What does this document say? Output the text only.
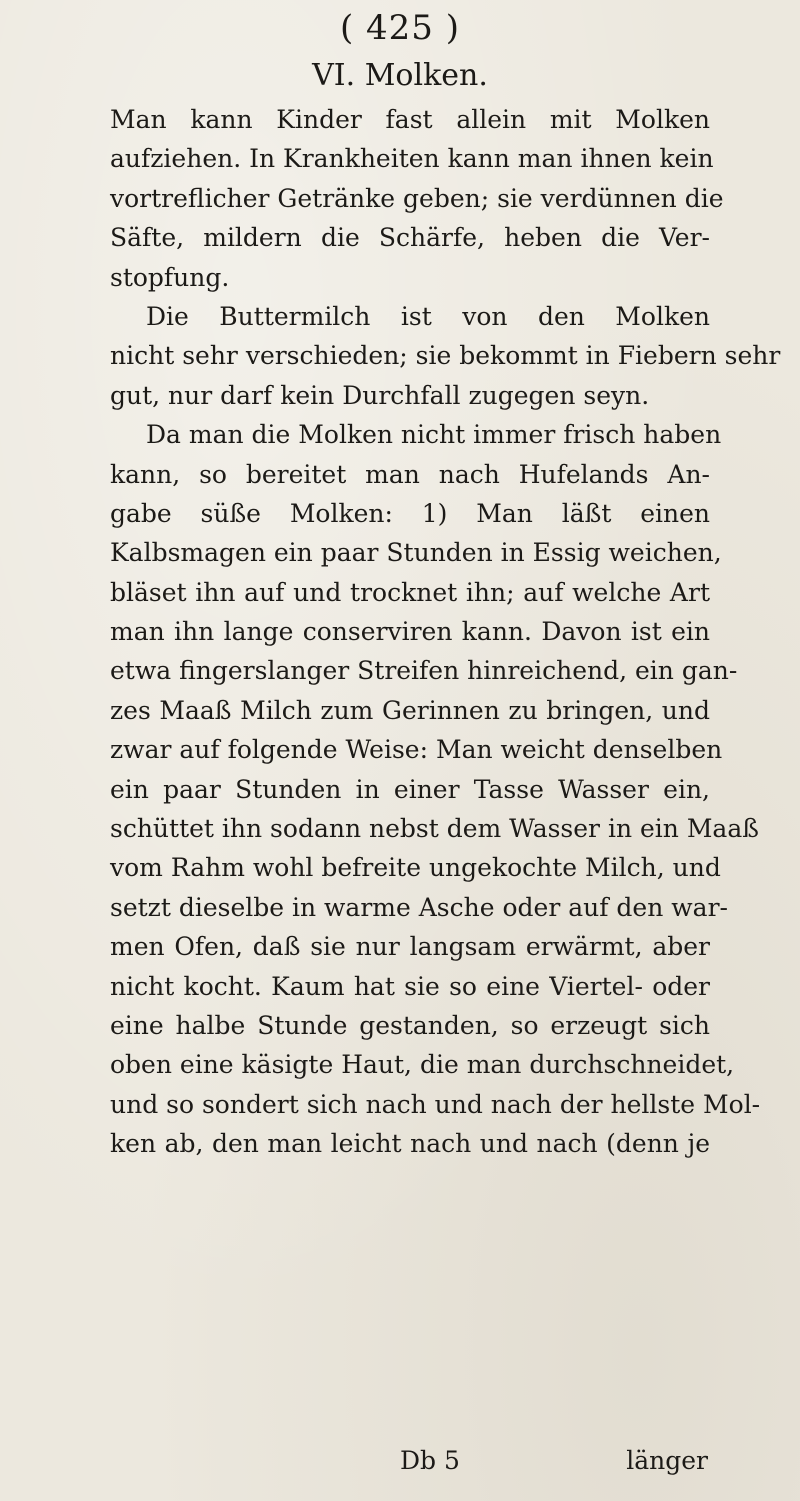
( 425 )
VI. Molken.
Man kann Kinder fast allein mit Molken
aufziehen. In Krankheiten kann man ihnen kein
vortreflicher Getränke geben; sie verdünnen die
Säfte, mildern die Schärfe, heben die Ver-
stopfung.
Die Buttermilch ist von den Molken
nicht sehr verschieden; sie bekommt in Fiebern sehr
gut, nur darf kein Durchfall zugegen seyn.
Da man die Molken nicht immer frisch haben
kann, so bereitet man nach Hufelands An-
gabe süße Molken: 1) Man läßt einen
Kalbsmagen ein paar Stunden in Essig weichen,
bläset ihn auf und trocknet ihn; auf welche Art
man ihn lange conserviren kann. Davon ist ein
etwa fingerslanger Streifen hinreichend, ein gan-
zes Maaß Milch zum Gerinnen zu bringen, und
zwar auf folgende Weise: Man weicht denselben
ein paar Stunden in einer Tasse Wasser ein,
schüttet ihn sodann nebst dem Wasser in ein Maaß
vom Rahm wohl befreite ungekochte Milch, und
setzt dieselbe in warme Asche oder auf den war-
men Ofen, daß sie nur langsam erwärmt, aber
nicht kocht. Kaum hat sie so eine Viertel- oder
eine halbe Stunde gestanden, so erzeugt sich
oben eine käsigte Haut, die man durchschneidet,
und so sondert sich nach und nach der hellste Mol-
ken ab, den man leicht nach und nach (denn je
Db 5	länger
